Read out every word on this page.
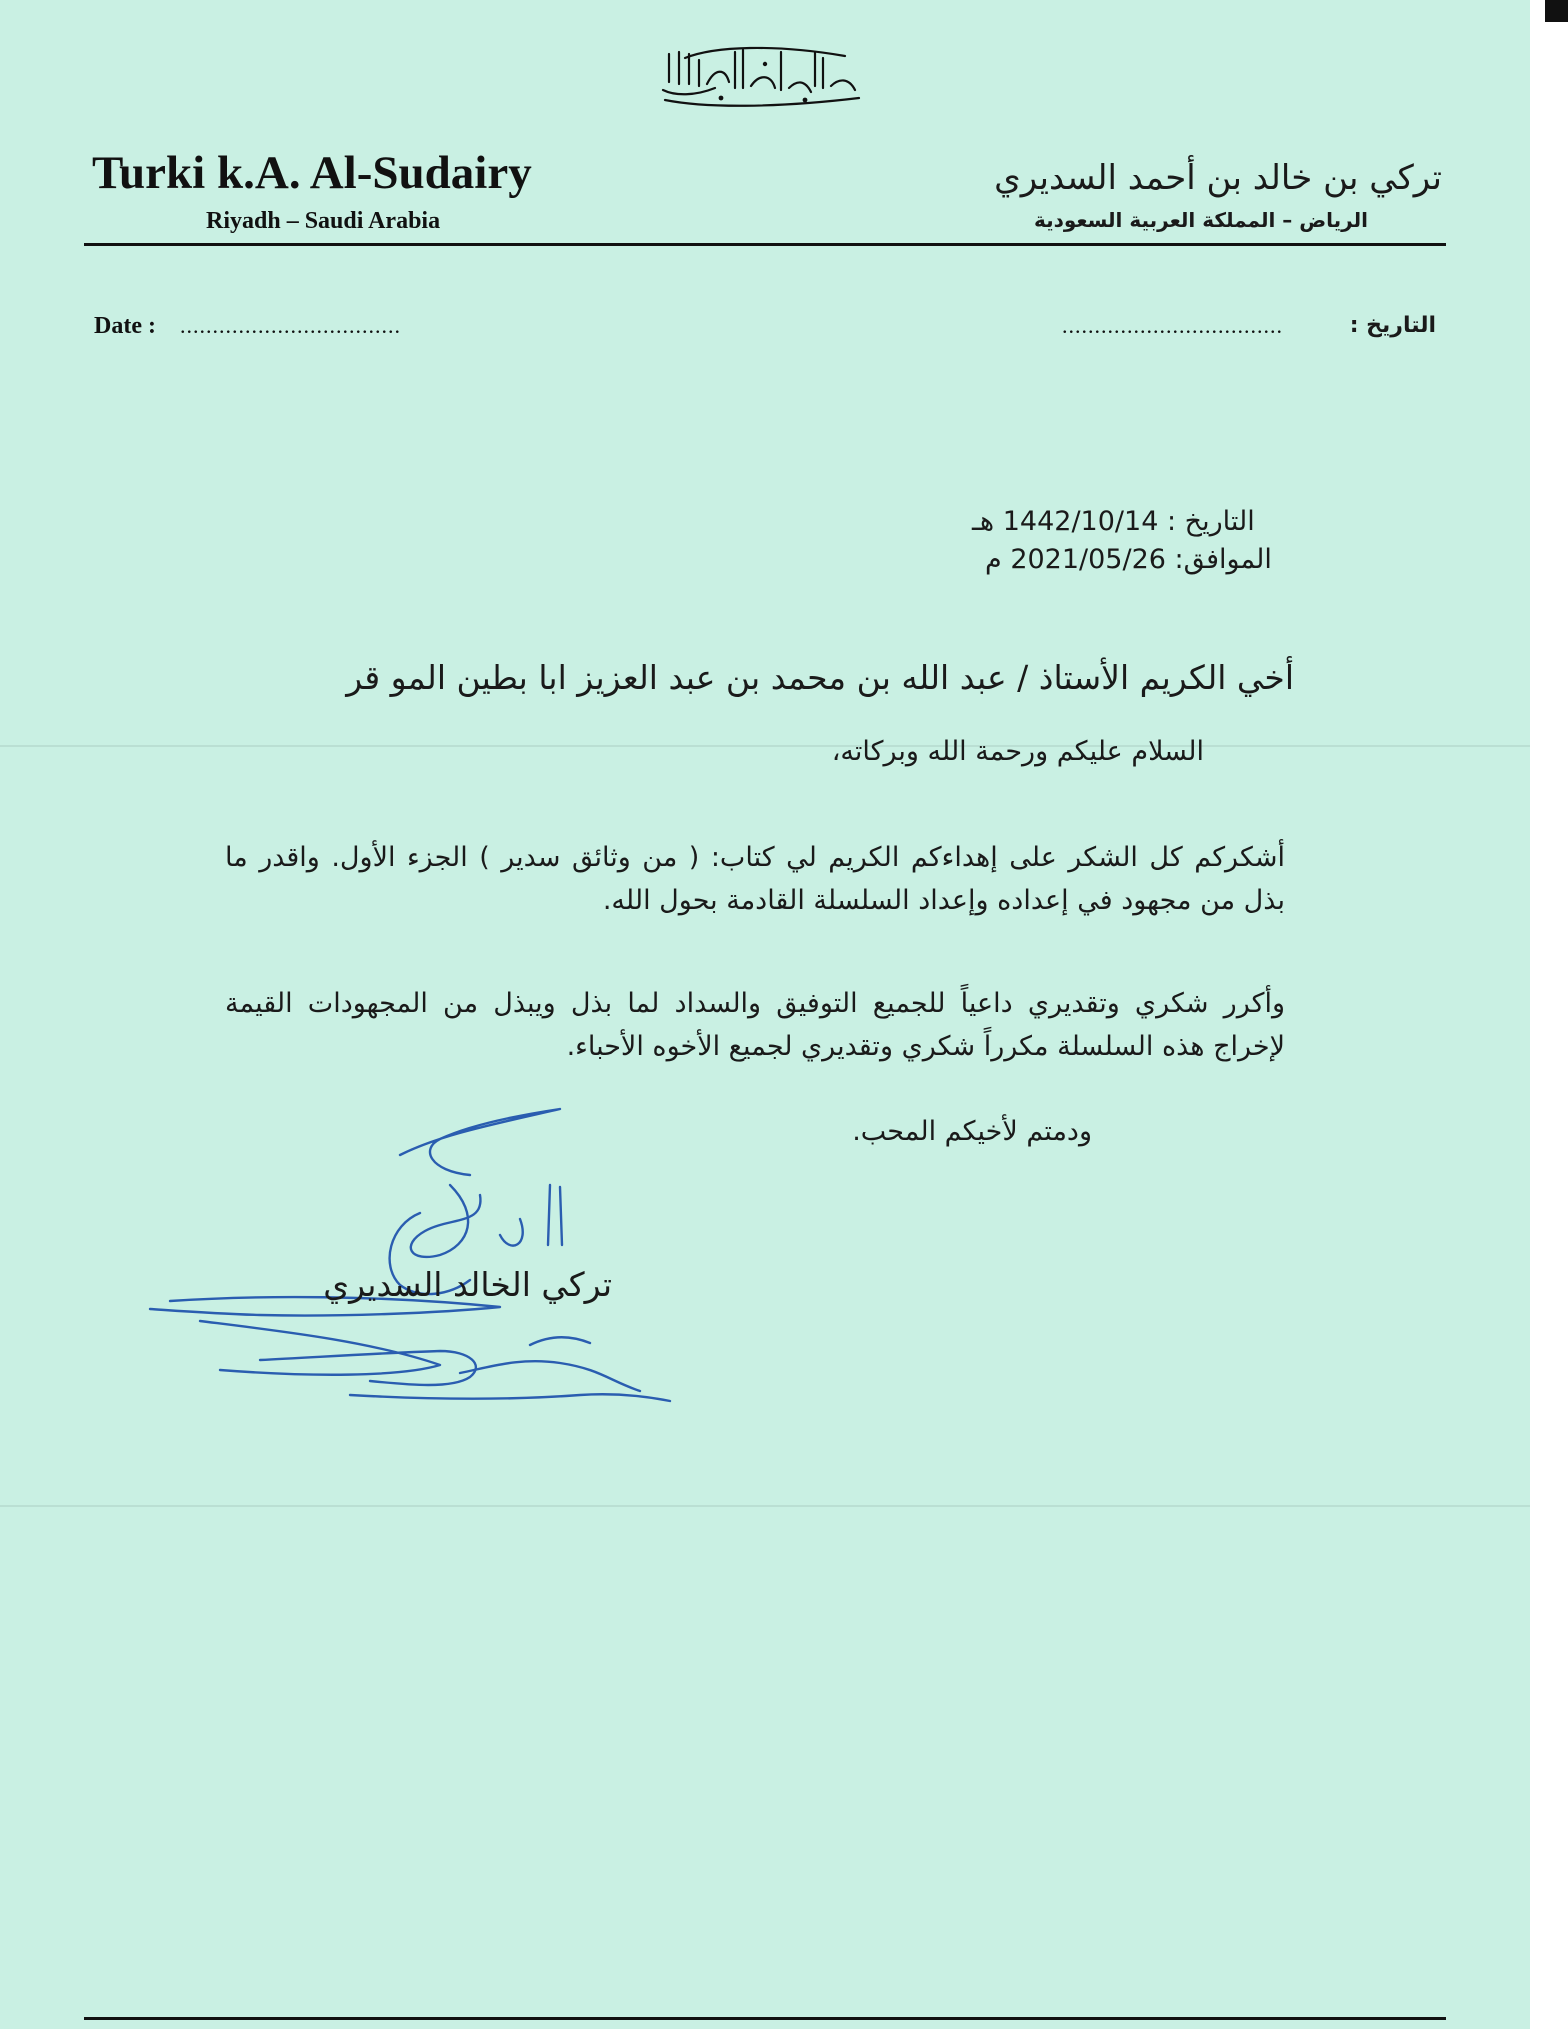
Turki k.A. Al-Sudairy
Riyadh – Saudi Arabia
تركي بن خالد بن أحمد السديري
الرياض – المملكة العربية السعودية
Date : ..................................	التاريخ :
..................................
التاريخ : 1442/10/14 هـ
الموافق: 2021/05/26 م
أخي الكريم الأستاذ / عبد الله بن محمد بن عبد العزيز ابا بطين المو قر
السلام عليكم ورحمة الله وبركاته،
أشكركم كل الشكر على إهداءكم الكريم لي كتاب: ( من وثائق سدير ) الجزء الأول. واقدر ما بذل من مجهود في إعداده وإعداد السلسلة القادمة بحول الله.
وأكرر شكري وتقديري داعياً للجميع التوفيق والسداد لما بذل ويبذل من المجهودات القيمة لإخراج هذه السلسلة مكرراً شكري وتقديري لجميع الأخوه الأحباء.
ودمتم لأخيكم المحب.
تركي الخالد السديري
